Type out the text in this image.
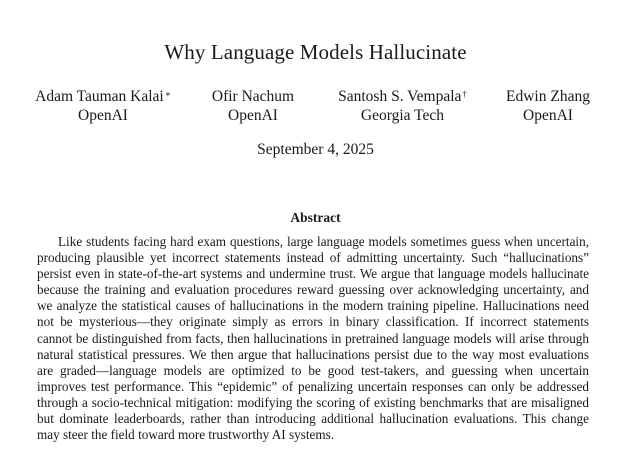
Why Language Models Hallucinate
Adam Tauman Kalai∗
OpenAI
Ofir Nachum
OpenAI
Santosh S. Vempala†
Georgia Tech
Edwin Zhang
OpenAI
September 4, 2025
Abstract

Like students facing hard exam questions, large language models sometimes guess when uncertain, producing plausible yet incorrect statements instead of admitting uncertainty. Such “hallucinations” persist even in state-of-the-art systems and undermine trust. We argue that language models hallucinate because the training and evaluation procedures reward guessing over acknowledging uncertainty, and we analyze the statistical causes of hallucinations in the modern training pipeline. Hallucinations need not be mysterious—they originate simply as errors in binary classification. If incorrect statements cannot be distinguished from facts, then hallucinations in pretrained language models will arise through natural statistical pressures. We then argue that hallucinations persist due to the way most evaluations are graded—language models are optimized to be good test-takers, and guessing when uncertain improves test performance. This “epidemic” of penalizing uncertain responses can only be addressed through a socio-technical mitigation: modifying the scoring of existing benchmarks that are misaligned but dominate leaderboards, rather than introducing additional hallucination evaluations. This change may steer the field toward more trustworthy AI systems.
